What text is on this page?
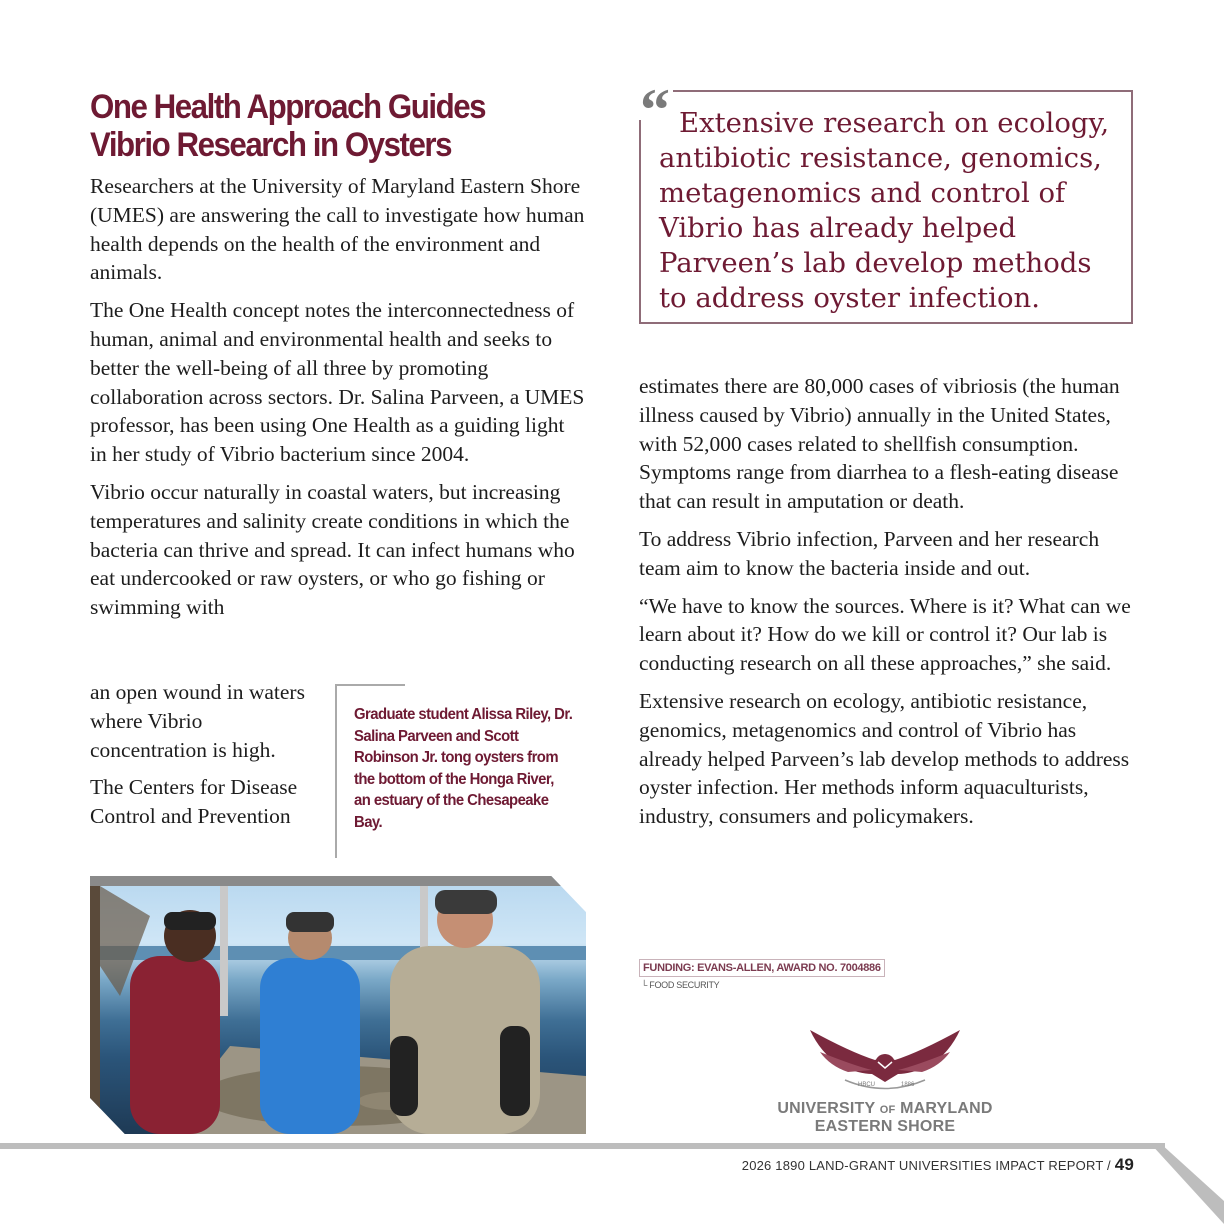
One Health Approach Guides Vibrio Research in Oysters

Researchers at the University of Maryland Eastern Shore (UMES) are answering the call to investigate how human health depends on the health of the environment and animals.

The One Health concept notes the interconnectedness of human, animal and environmental health and seeks to better the well-being of all three by promoting collaboration across sectors. Dr. Salina Parveen, a UMES professor, has been using One Health as a guiding light in her study of Vibrio bacterium since 2004.

Vibrio occur naturally in coastal waters, but increasing temperatures and salinity create conditions in which the bacteria can thrive and spread. It can infect humans who eat undercooked or raw oysters, or who go fishing or swimming with

an open wound in waters where Vibrio concentration is high.

The Centers for Disease Control and Prevention

Graduate student Alissa Riley, Dr. Salina Parveen and Scott Robinson Jr. tong oysters from the bottom of the Honga River, an estuary of the Chesapeake Bay.
“ Extensive research on ecology, antibiotic resistance, genomics, metagenomics and control of Vibrio has already helped Parveen’s lab develop methods to address oyster infection.

estimates there are 80,000 cases of vibriosis (the human illness caused by Vibrio) annually in the United States, with 52,000 cases related to shellfish consumption. Symptoms range from diarrhea to a flesh-eating disease that can result in amputation or death.

To address Vibrio infection, Parveen and her research team aim to know the bacteria inside and out.

“We have to know the sources. Where is it? What can we learn about it? How do we kill or control it? Our lab is conducting research on all these approaches,” she said.

Extensive research on ecology, antibiotic resistance, genomics, metagenomics and control of Vibrio has already helped Parveen’s lab develop methods to address oyster infection. Her methods inform aquaculturists, industry, consumers and policymakers.

FUNDING: EVANS-ALLEN, AWARD NO. 7004886
└ FOOD SECURITY
HBCU	1886
UNIVERSITY OF MARYLAND
EASTERN SHORE
2026 1890 LAND-GRANT UNIVERSITIES IMPACT REPORT / 49
